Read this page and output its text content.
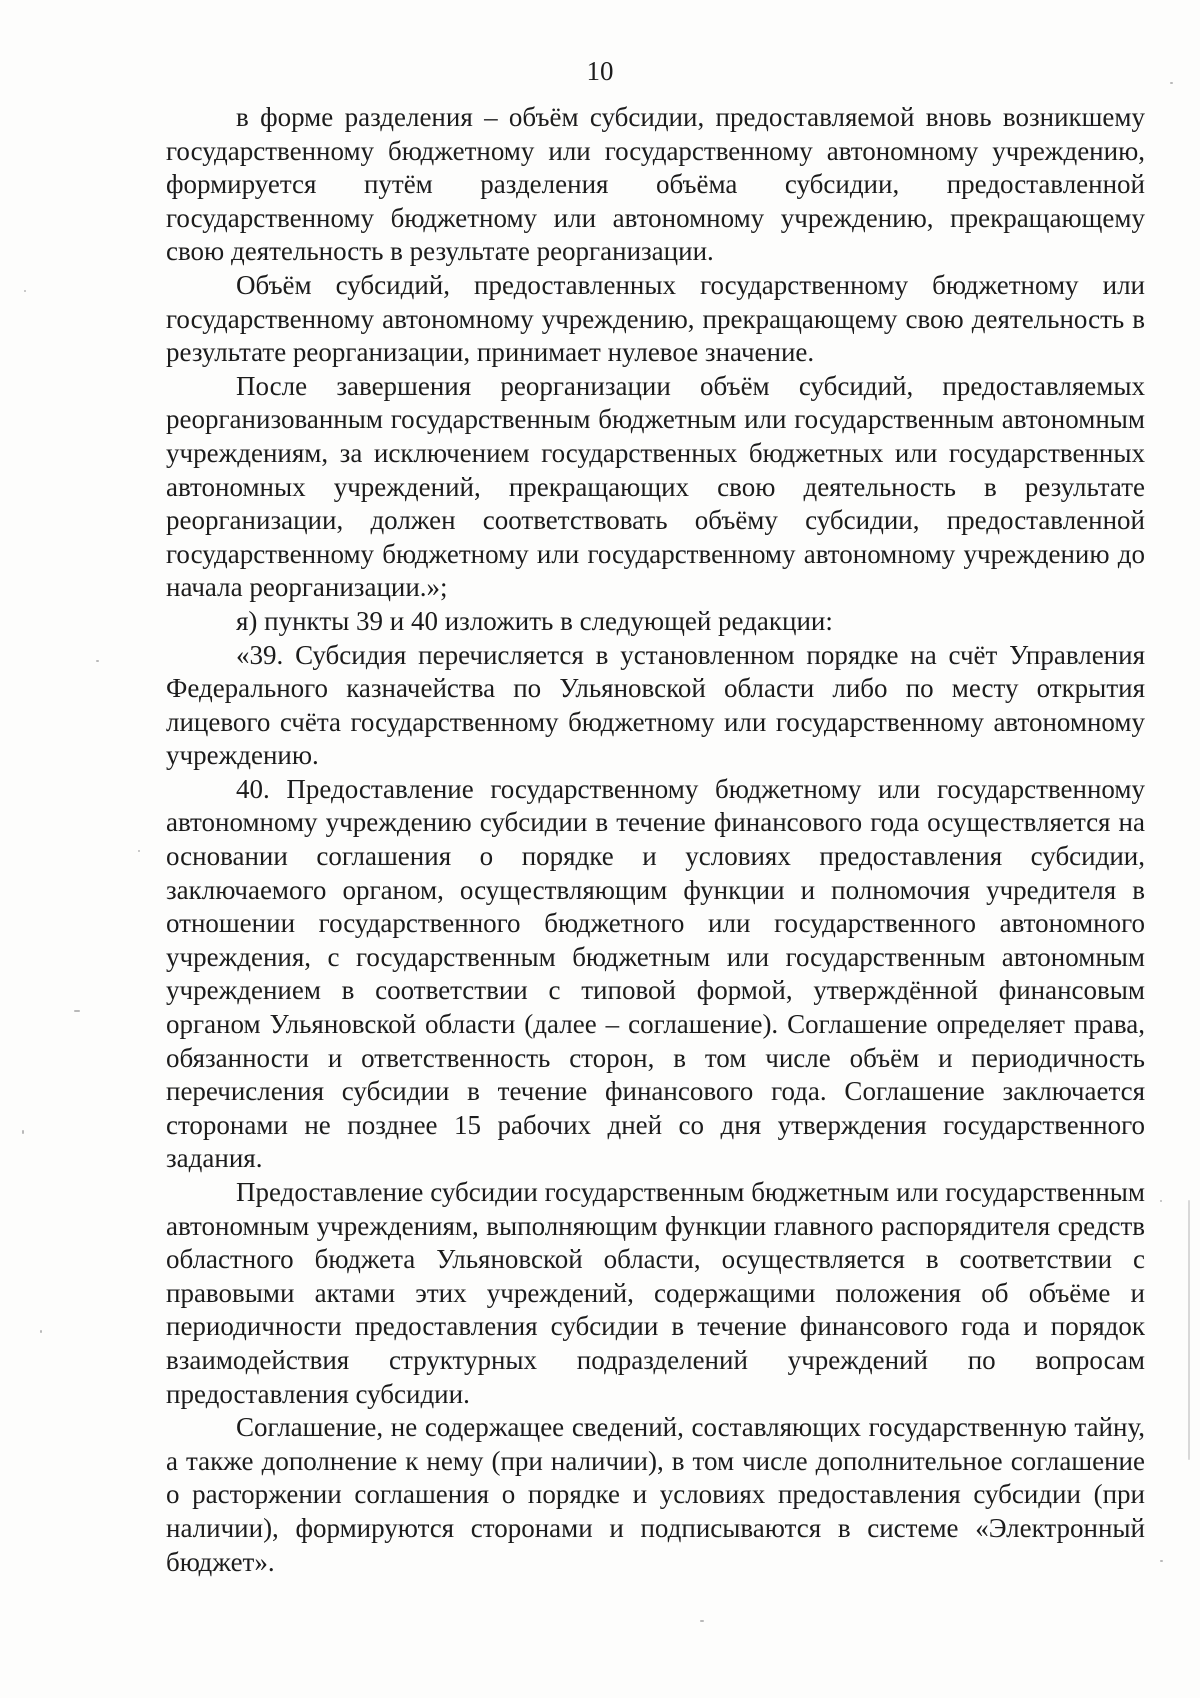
10

в форме разделения – объём субсидии, предоставляемой вновь возникшему государственному бюджетному или государственному автономному учреждению, формируется путём разделения объёма субсидии, предоставленной государственному бюджетному или автономному учреждению, прекращающему свою деятельность в результате реорганизации.

Объём субсидий, предоставленных государственному бюджетному или государственному автономному учреждению, прекращающему свою деятельность в результате реорганизации, принимает нулевое значение.

После завершения реорганизации объём субсидий, предоставляемых реорганизованным государственным бюджетным или государственным автономным учреждениям, за исключением государственных бюджетных или государственных автономных учреждений, прекращающих свою деятельность в результате реорганизации, должен соответствовать объёму субсидии, предоставленной государственному бюджетному или государственному автономному учреждению до начала реорганизации.»;

я) пункты 39 и 40 изложить в следующей редакции:

«39. Субсидия перечисляется в установленном порядке на счёт Управления Федерального казначейства по Ульяновской области либо по месту открытия лицевого счёта государственному бюджетному или государственному автономному учреждению.

40. Предоставление государственному бюджетному или государственному автономному учреждению субсидии в течение финансового года осуществляется на основании соглашения о порядке и условиях предоставления субсидии, заключаемого органом, осуществляющим функции и полномочия учредителя в отношении государственного бюджетного или государственного автономного учреждения, с государственным бюджетным или государственным автономным учреждением в соответствии с типовой формой, утверждённой финансовым органом Ульяновской области (далее – соглашение). Соглашение определяет права, обязанности и ответственность сторон, в том числе объём и периодичность перечисления субсидии в течение финансового года. Соглашение заключается сторонами не позднее 15 рабочих дней со дня утверждения государственного задания.

Предоставление субсидии государственным бюджетным или государственным автономным учреждениям, выполняющим функции главного распорядителя средств областного бюджета Ульяновской области, осуществляется в соответствии с правовыми актами этих учреждений, содержащими положения об объёме и периодичности предоставления субсидии в течение финансового года и порядок взаимодействия структурных подразделений учреждений по вопросам предоставления субсидии.

Соглашение, не содержащее сведений, составляющих государственную тайну, а также дополнение к нему (при наличии), в том числе дополнительное соглашение о расторжении соглашения о порядке и условиях предоставления субсидии (при наличии), формируются сторонами и подписываются в системе «Электронный бюджет».
